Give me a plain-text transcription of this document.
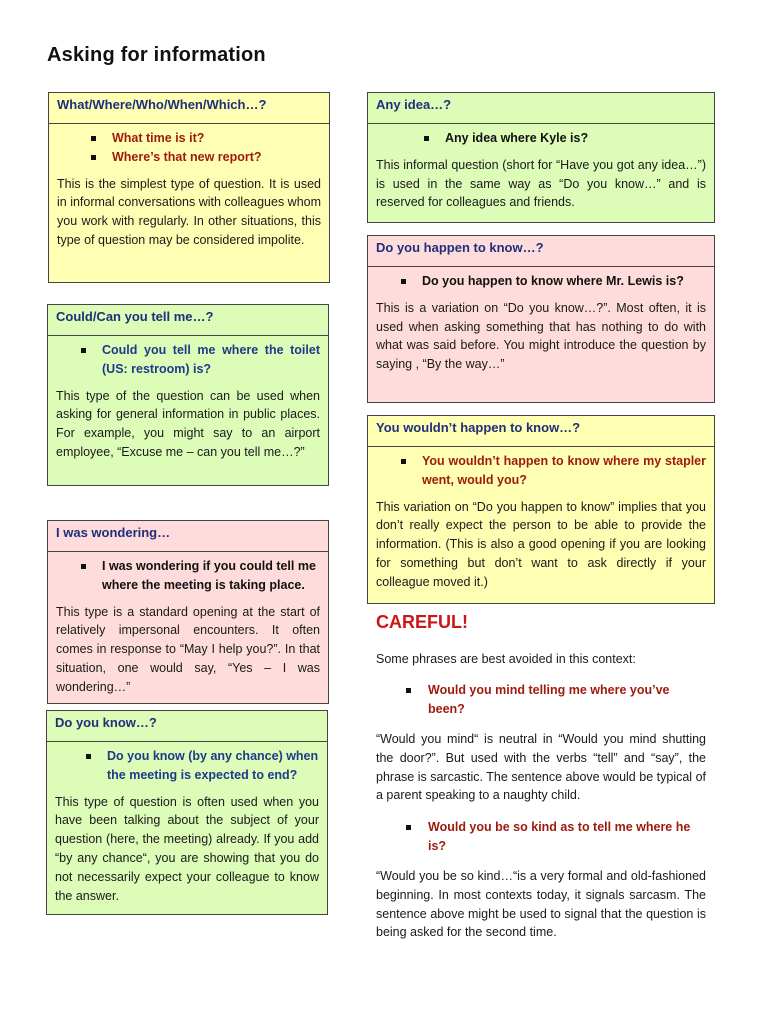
Asking for information
What/Where/Who/When/Which…?
What time is it?
Where’s that new report?

This is the simplest type of question. It is used in informal conversations with colleagues whom you work with regularly. In other situations, this type of question may be considered impolite.

Could/Can you tell me…?
Could you tell me where the toilet (US: restroom) is?

This type of the question can be used when asking for general information in public places. For example, you might say to an airport employee, “Excuse me – can you tell me…?”

I was wondering…
I was wondering if you could tell me where the meeting is taking place.

This type is a standard opening at the start of relatively impersonal encounters. It often comes in response to “May I help you?”. In that situation, one would say, “Yes – I was wondering…”

Do you know…?
Do you know (by any chance) when the meeting is expected to end?

This type of question is often used when you have been talking about the subject of your question (here, the meeting) already. If you add “by any chance“, you are showing that you do not necessarily expect your colleague to know the answer.

Any idea…?
Any idea where Kyle is?

This informal question (short for “Have you got any idea…”) is used in the same way as “Do you know…” and is reserved for colleagues and friends.

Do you happen to know…?
Do you happen to know where Mr. Lewis is?

This is a variation on “Do you know…?”. Most often, it is used when asking something that has nothing to do with what was said before. You might introduce the question by saying , “By the way…”

You wouldn’t happen to know…?
You wouldn’t happen to know where my stapler went, would you?

This variation on “Do you happen to know” implies that you don’t really expect the person to be able to provide the information. (This is also a good opening if you are looking for something but don’t want to ask directly if your colleague moved it.)

CAREFUL!

Some phrases are best avoided in this context:

Would you mind telling me where you’ve been?

“Would you mind“ is neutral in “Would you mind shutting the door?”. But used with the verbs “tell” and “say”, the phrase is sarcastic. The sentence above would be typical of a parent speaking to a naughty child.

Would you be so kind as to tell me where he is?

“Would you be so kind…“is a very formal and old-fashioned beginning. In most contexts today, it signals sarcasm. The sentence above might be used to signal that the question is being asked for the second time.
